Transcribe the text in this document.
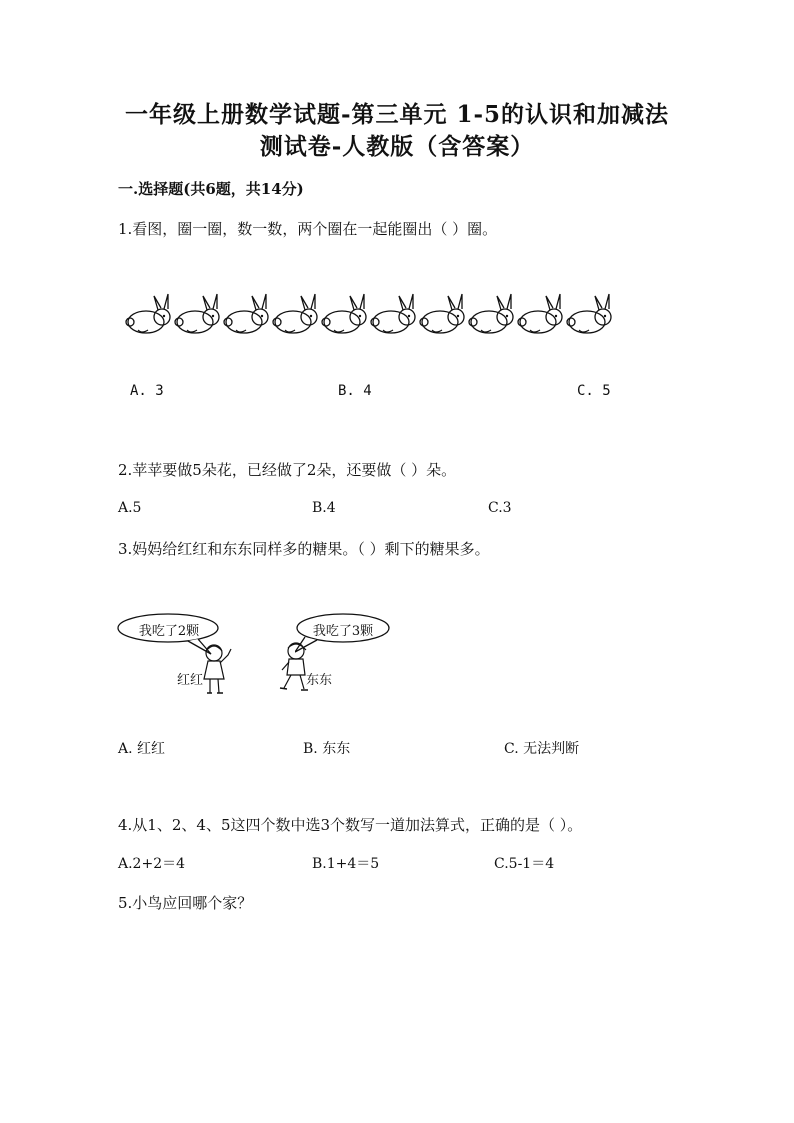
一年级上册数学试题-第三单元 1-5的认识和加减法
测试卷-人教版（含答案）
一.选择题(共6题，共14分)
1.看图，圈一圈，数一数，两个圈在一起能圈出（ ）圈。
A. 3	B. 4	C. 5
2.苹苹要做5朵花，已经做了2朵，还要做（ ）朵。
A.5	B.4	C.3
3.妈妈给红红和东东同样多的糖果。（ ）剩下的糖果多。
我吃了2颗	我吃了3颗
红红	东东
A. 红红	B. 东东	C. 无法判断
4.从1、2、4、5这四个数中选3个数写一道加法算式，正确的是（ ）。
A.2+2＝4	B.1+4＝5	C.5-1＝4
5.小鸟应回哪个家？
